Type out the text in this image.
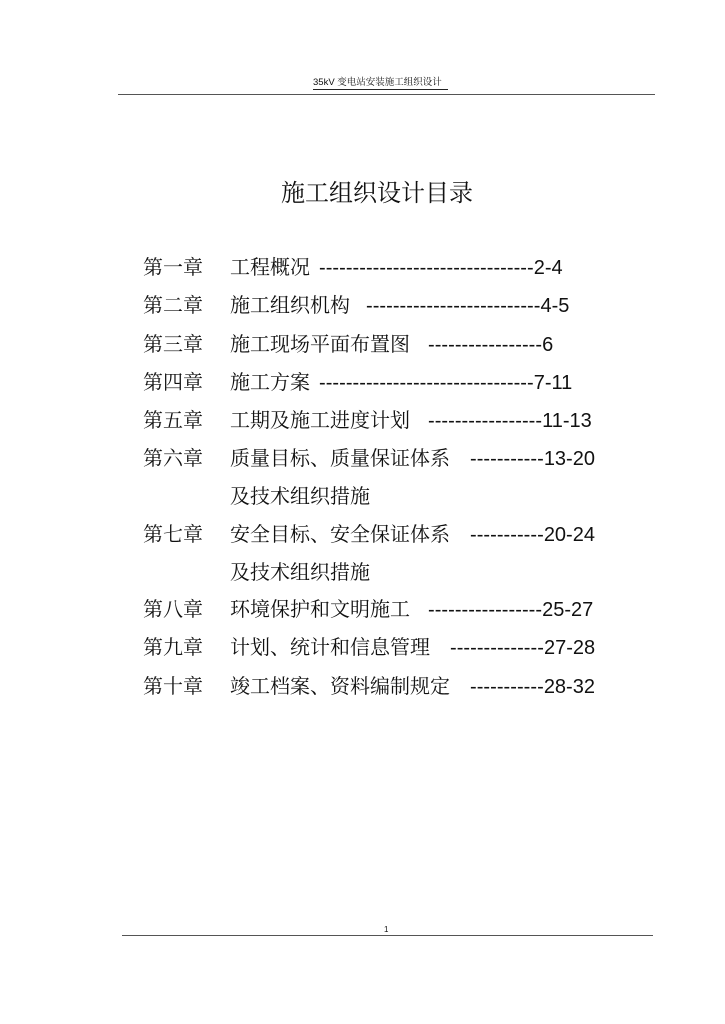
35kV 变电站安装施工组织设计
施工组织设计目录
第一章 工程概况 --------------------------------2-4
第二章 施工组织机构 --------------------------4-5
第三章 施工现场平面布置图 -----------------6
第四章 施工方案 --------------------------------7-11
第五章 工期及施工进度计划 -----------------11-13
第六章 质量目标、质量保证体系 -----------13-20
及技术组织措施
第七章 安全目标、安全保证体系 -----------20-24
及技术组织措施
第八章 环境保护和文明施工 -----------------25-27
第九章 计划、统计和信息管理 --------------27-28
第十章 竣工档案、资料编制规定 -----------28-32
1
